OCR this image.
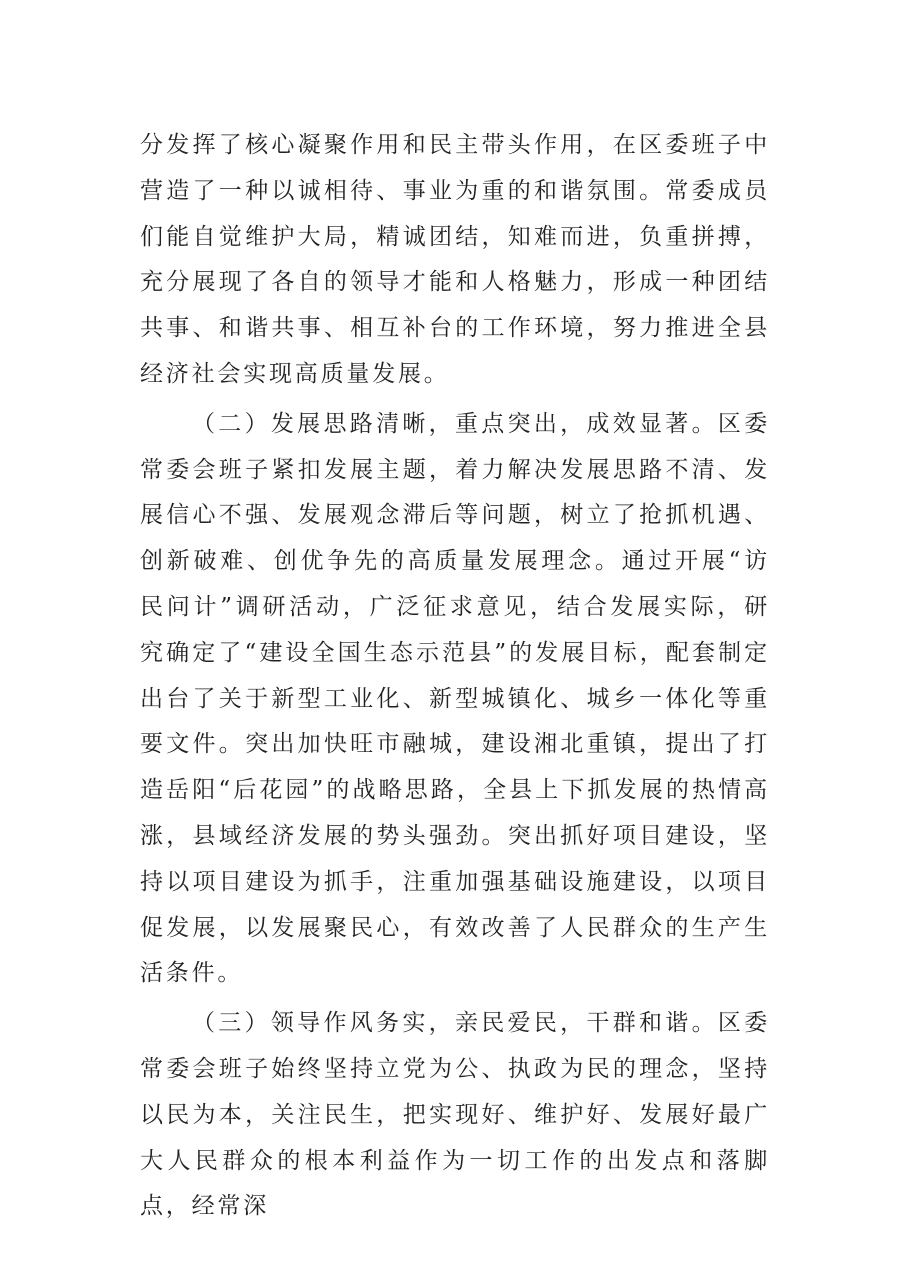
分发挥了核心凝聚作用和民主带头作用，在区委班子中营造了一种以诚相待、事业为重的和谐氛围。常委成员们能自觉维护大局，精诚团结，知难而进，负重拼搏，充分展现了各自的领导才能和人格魅力，形成一种团结共事、和谐共事、相互补台的工作环境，努力推进全县经济社会实现高质量发展。

（二）发展思路清晰，重点突出，成效显著。区委常委会班子紧扣发展主题，着力解决发展思路不清、发展信心不强、发展观念滞后等问题，树立了抢抓机遇、创新破难、创优争先的高质量发展理念。通过开展“访民问计”调研活动，广泛征求意见，结合发展实际，研究确定了“建设全国生态示范县”的发展目标，配套制定出台了关于新型工业化、新型城镇化、城乡一体化等重要文件。突出加快旺市融城，建设湘北重镇，提出了打造岳阳“后花园”的战略思路，全县上下抓发展的热情高涨，县域经济发展的势头强劲。突出抓好项目建设，坚持以项目建设为抓手，注重加强基础设施建设，以项目促发展，以发展聚民心，有效改善了人民群众的生产生活条件。

（三）领导作风务实，亲民爱民，干群和谐。区委常委会班子始终坚持立党为公、执政为民的理念，坚持以民为本，关注民生，把实现好、维护好、发展好最广大人民群众的根本利益作为一切工作的出发点和落脚点，经常深
